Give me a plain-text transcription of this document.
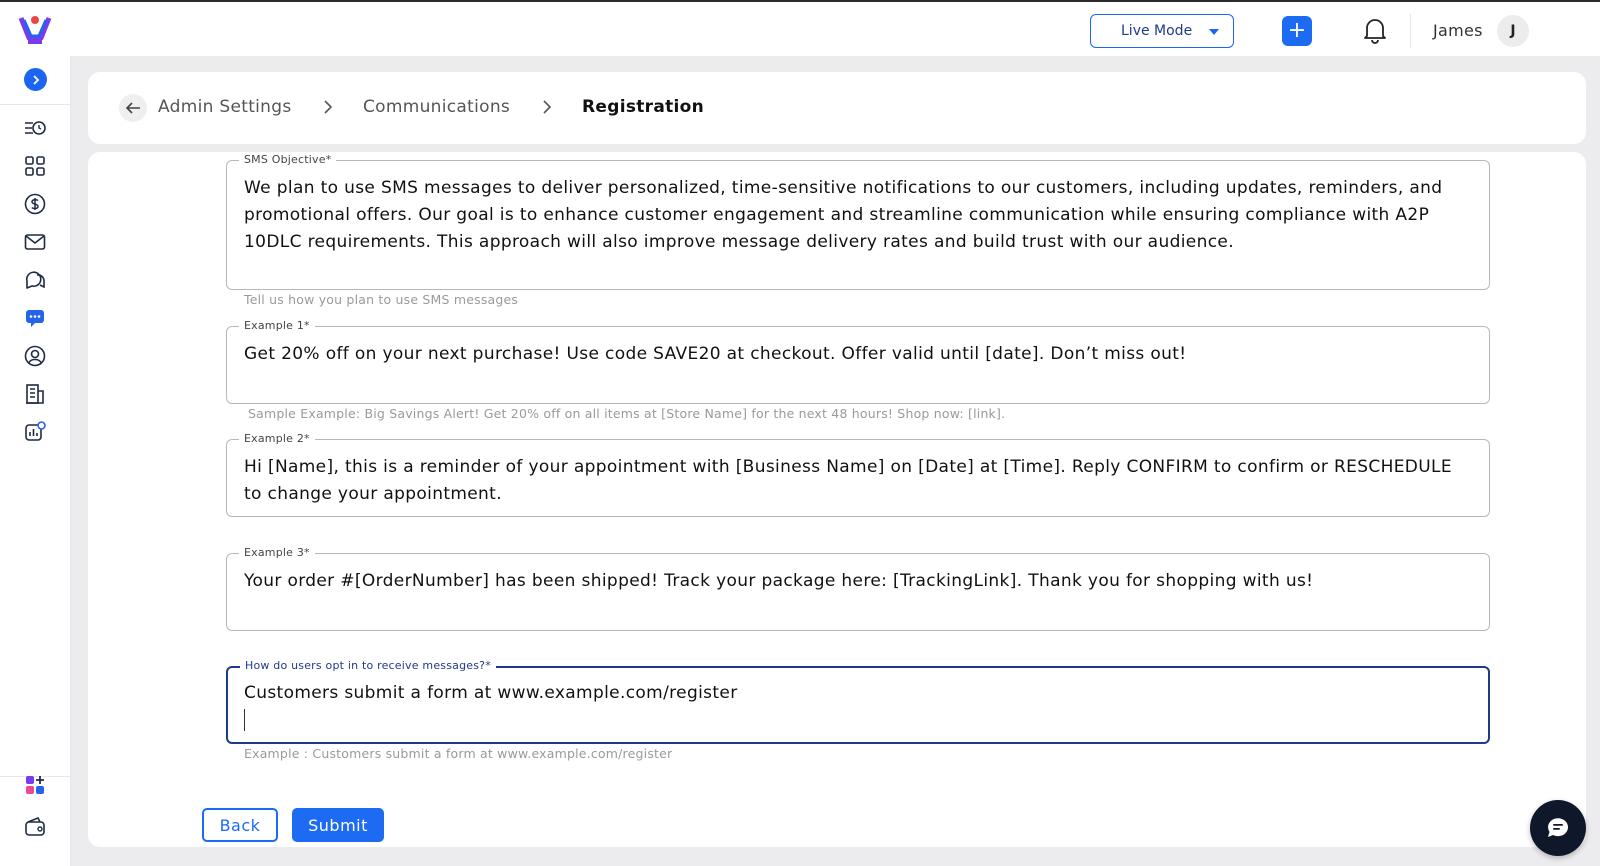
Live Mode	+	James	J
Admin Settings	Communications	Registration
SMS Objective*
We plan to use SMS messages to deliver personalized, time-sensitive notifications to our customers, including updates, reminders, and promotional offers. Our goal is to enhance customer engagement and streamline communication while ensuring compliance with A2P 10DLC requirements. This approach will also improve message delivery rates and build trust with our audience.
Tell us how you plan to use SMS messages
Example 1*
Get 20% off on your next purchase! Use code SAVE20 at checkout. Offer valid until [date]. Don’t miss out!
Sample Example: Big Savings Alert! Get 20% off on all items at [Store Name] for the next 48 hours! Shop now: [link].
Example 2*
Hi [Name], this is a reminder of your appointment with [Business Name] on [Date] at [Time]. Reply CONFIRM to confirm or RESCHEDULE to change your appointment.
Example 3*
Your order #[OrderNumber] has been shipped! Track your package here: [TrackingLink]. Thank you for shopping with us!
How do users opt in to receive messages?*
Customers submit a form at www.example.com/register

Example : Customers submit a form at www.example.com/register
Back	Submit
